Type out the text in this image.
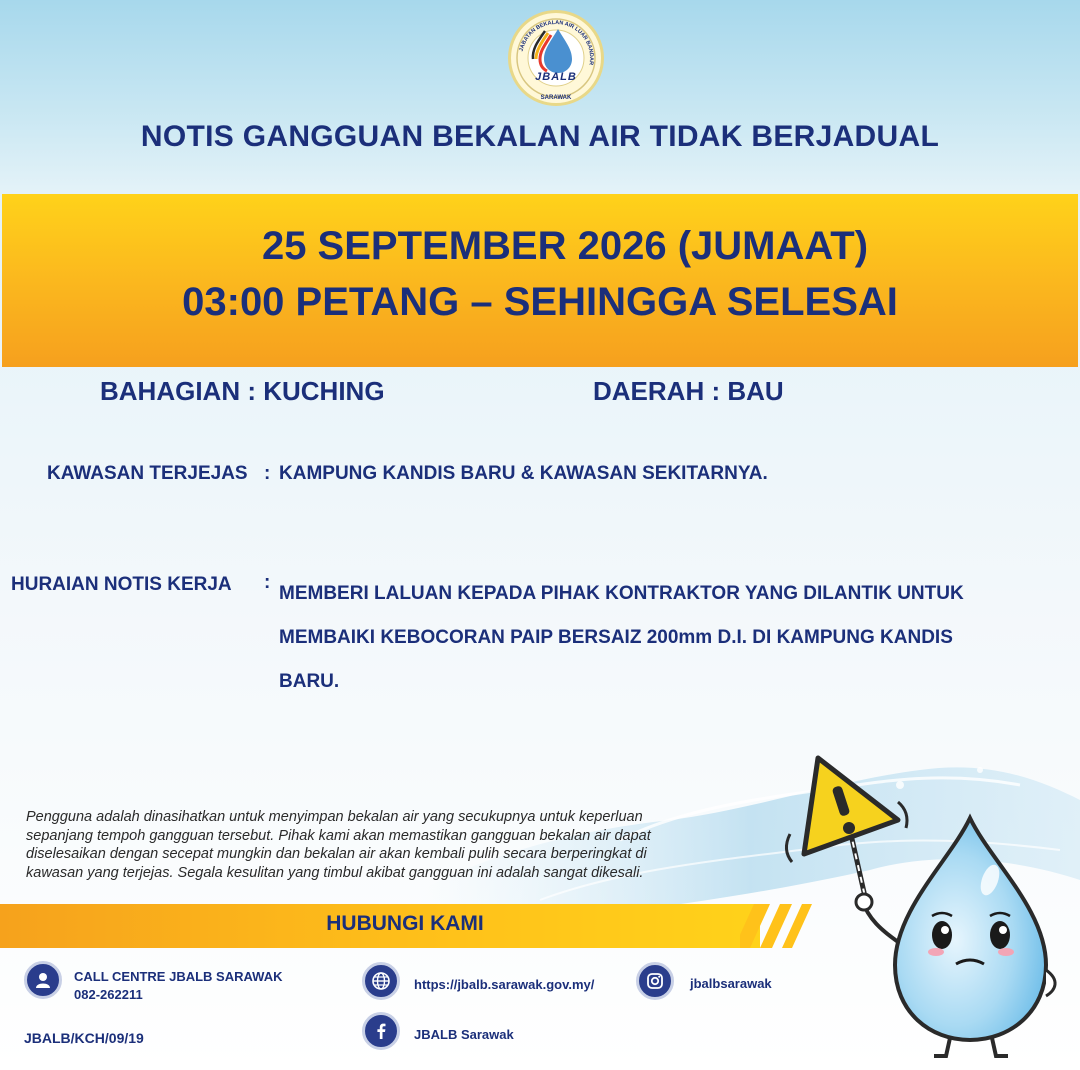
JABATAN BEKALAN AIR LUAR BANDAR
SARAWAK
JBALB
NOTIS GANGGUAN BEKALAN AIR TIDAK BERJADUAL
25 SEPTEMBER 2026 (JUMAAT)
03:00 PETANG – SEHINGGA SELESAI
BAHAGIAN : KUCHING	DAERAH : BAU
KAWASAN TERJEJAS : KAMPUNG KANDIS BARU & KAWASAN SEKITARNYA.
HURAIAN NOTIS KERJA :
MEMBERI LALUAN KEPADA PIHAK KONTRAKTOR YANG DILANTIK UNTUK
MEMBAIKI KEBOCORAN PAIP BERSAIZ 200mm D.I. DI KAMPUNG KANDIS
BARU.
Pengguna adalah dinasihatkan untuk menyimpan bekalan air yang secukupnya untuk keperluan
sepanjang tempoh gangguan tersebut. Pihak kami akan memastikan gangguan bekalan air dapat
diselesaikan dengan secepat mungkin dan bekalan air akan kembali pulih secara berperingkat di
kawasan yang terjejas. Segala kesulitan yang timbul akibat gangguan ini adalah sangat dikesali.
HUBUNGI KAMI
CALL CENTRE JBALB SARAWAK
082-262211
https://jbalb.sarawak.gov.my/	jbalbsarawak
JBALB Sarawak
JBALB/KCH/09/19
